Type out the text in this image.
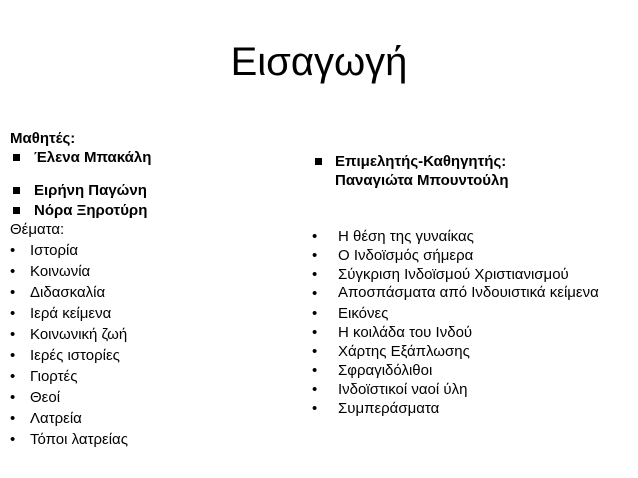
Εισαγωγή
Μαθητές:
Έλενα Μπακάλη
Ειρήνη Παγώνη
Νόρα Ξηροτύρη
Θέματα:
• Ιστορία
• Κοινωνία
• Διδασκαλία
• Ιερά κείμενα
• Κοινωνική ζωή
• Ιερές ιστορίες
• Γιορτές
• Θεοί
• Λατρεία
• Τόποι λατρείας
Επιμελητής-Καθηγητής: Παναγιώτα Μπουντούλη
•	Η θέση της γυναίκας
•	Ο Ινδοϊσμός σήμερα
•	Σύγκριση Ινδοϊσμού Χριστιανισμού
•	Αποσπάσματα από Ινδουιστικά κείμενα
•	Εικόνες
•	Η κοιλάδα του Ινδού
•	Χάρτης Εξάπλωσης
•	Σφραγιδόλιθοι
•	Ινδοϊστικοί ναοί ύλη
•	Συμπεράσματα
